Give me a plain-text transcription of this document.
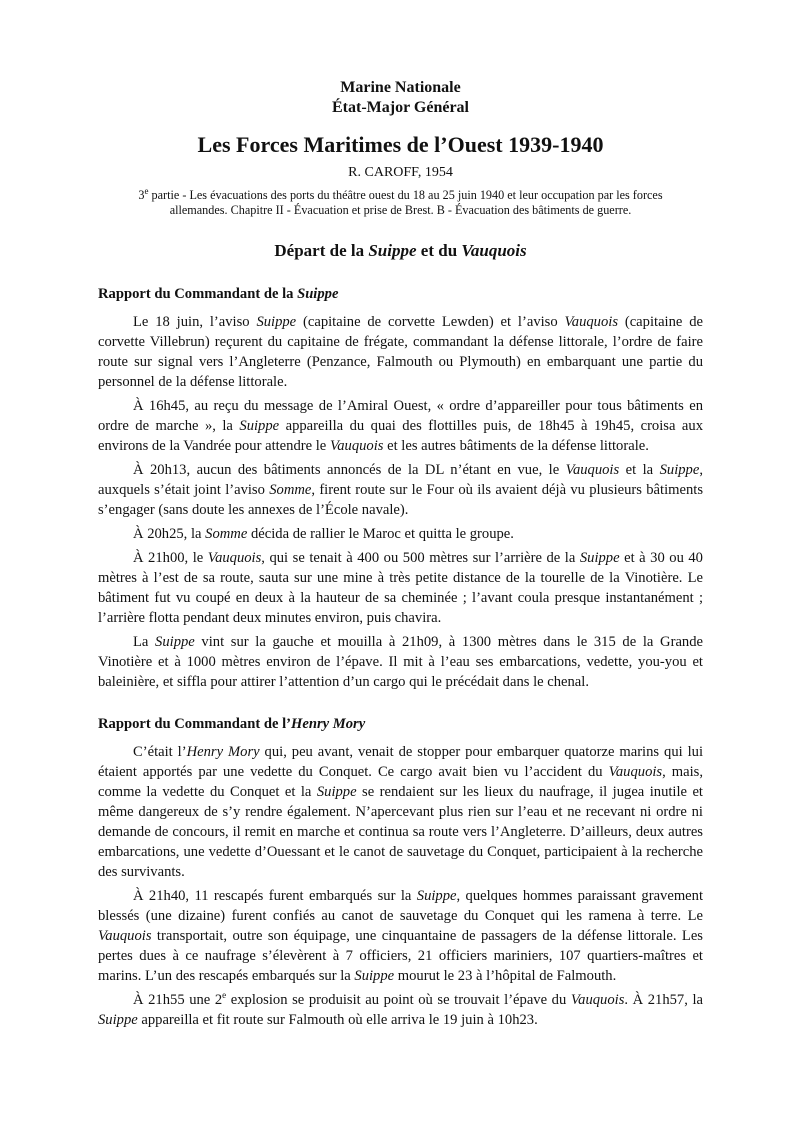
Marine Nationale
État-Major Général
Les Forces Maritimes de l’Ouest 1939-1940
R. CAROFF, 1954
3e partie - Les évacuations des ports du théâtre ouest du 18 au 25 juin 1940 et leur occupation par les forces
allemandes. Chapitre II - Évacuation et prise de Brest. B - Évacuation des bâtiments de guerre.
Départ de la Suippe et du Vauquois
Rapport du Commandant de la Suippe

Le 18 juin, l’aviso Suippe (capitaine de corvette Lewden) et l’aviso Vauquois (capitaine de corvette Villebrun) reçurent du capitaine de frégate, commandant la défense littorale, l’ordre de faire route sur signal vers l’Angleterre (Penzance, Falmouth ou Plymouth) en embarquant une partie du personnel de la défense littorale.

À 16h45, au reçu du message de l’Amiral Ouest, « ordre d’appareiller pour tous bâtiments en ordre de marche », la Suippe appareilla du quai des flottilles puis, de 18h45 à 19h45, croisa aux environs de la Vandrée pour attendre le Vauquois et les autres bâtiments de la défense littorale.

À 20h13, aucun des bâtiments annoncés de la DL n’étant en vue, le Vauquois et la Suippe, auxquels s’était joint l’aviso Somme, firent route sur le Four où ils avaient déjà vu plusieurs bâtiments s’engager (sans doute les annexes de l’École navale).

À 20h25, la Somme décida de rallier le Maroc et quitta le groupe.

À 21h00, le Vauquois, qui se tenait à 400 ou 500 mètres sur l’arrière de la Suippe et à 30 ou 40 mètres à l’est de sa route, sauta sur une mine à très petite distance de la tourelle de la Vinotière. Le bâtiment fut vu coupé en deux à la hauteur de sa cheminée ; l’avant coula presque instantanément ; l’arrière flotta pendant deux minutes environ, puis chavira.

La Suippe vint sur la gauche et mouilla à 21h09, à 1300 mètres dans le 315 de la Grande Vinotière et à 1000 mètres environ de l’épave. Il mit à l’eau ses embarcations, vedette, you-you et baleinière, et siffla pour attirer l’attention d’un cargo qui le précédait dans le chenal.

Rapport du Commandant de l’Henry Mory

C’était l’Henry Mory qui, peu avant, venait de stopper pour embarquer quatorze marins qui lui étaient apportés par une vedette du Conquet. Ce cargo avait bien vu l’accident du Vauquois, mais, comme la vedette du Conquet et la Suippe se rendaient sur les lieux du naufrage, il jugea inutile et même dangereux de s’y rendre également. N’apercevant plus rien sur l’eau et ne recevant ni ordre ni demande de concours, il remit en marche et continua sa route vers l’Angleterre. D’ailleurs, deux autres embarcations, une vedette d’Ouessant et le canot de sauvetage du Conquet, participaient à la recherche des survivants.

À 21h40, 11 rescapés furent embarqués sur la Suippe, quelques hommes paraissant gravement blessés (une dizaine) furent confiés au canot de sauvetage du Conquet qui les ramena à terre. Le Vauquois transportait, outre son équipage, une cinquantaine de passagers de la défense littorale. Les pertes dues à ce naufrage s’élevèrent à 7 officiers, 21 officiers mariniers, 107 quartiers-maîtres et marins. L’un des rescapés embarqués sur la Suippe mourut le 23 à l’hôpital de Falmouth.

À 21h55 une 2e explosion se produisit au point où se trouvait l’épave du Vauquois. À 21h57, la Suippe appareilla et fit route sur Falmouth où elle arriva le 19 juin à 10h23.
